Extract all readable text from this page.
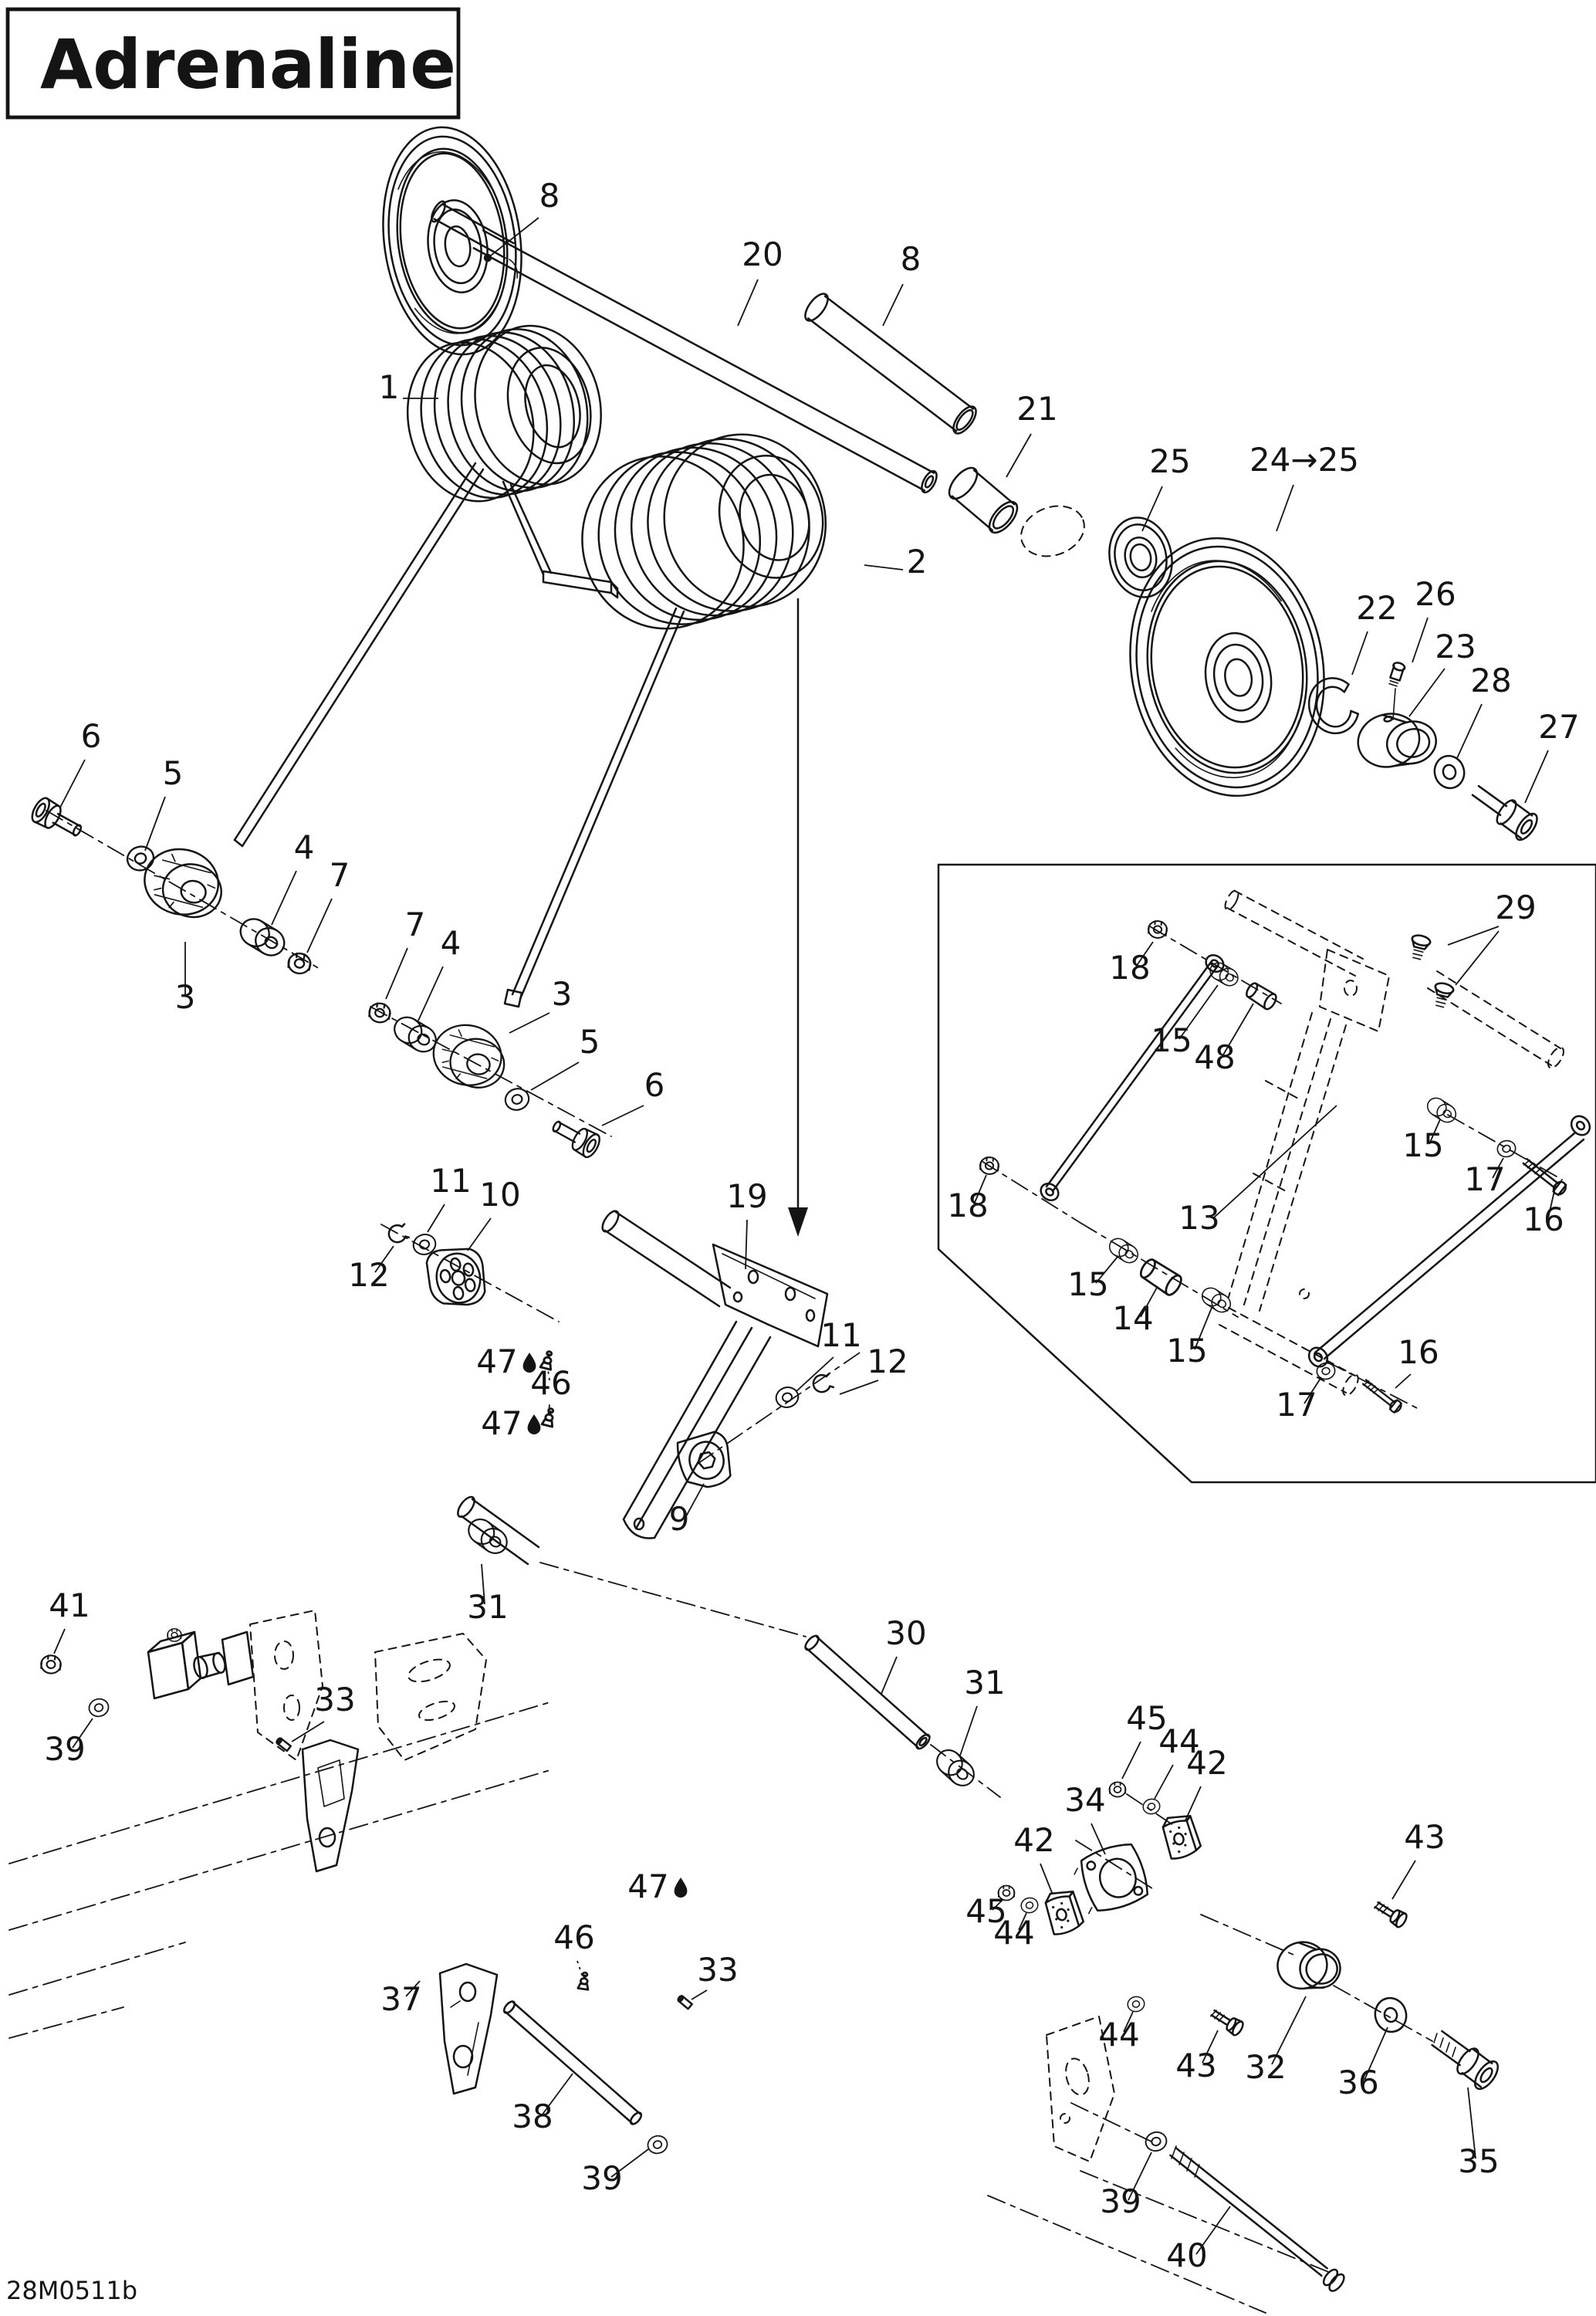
Adrenaline
28M0511b
8
20	8
1
21
25	24→25
2
22 26
23
28
27
6
5
4
7
3
7 4
3
5
6
11 10
12
19
47
46
47
9
11
12
31
30
31
41
39
33
47
46
33
37
38
39
34
42
45
44
45
44
42
43
44
43 32	36
35
39
40
29
18
15 48
18	13
15
14
15
17
16
15
17
16
